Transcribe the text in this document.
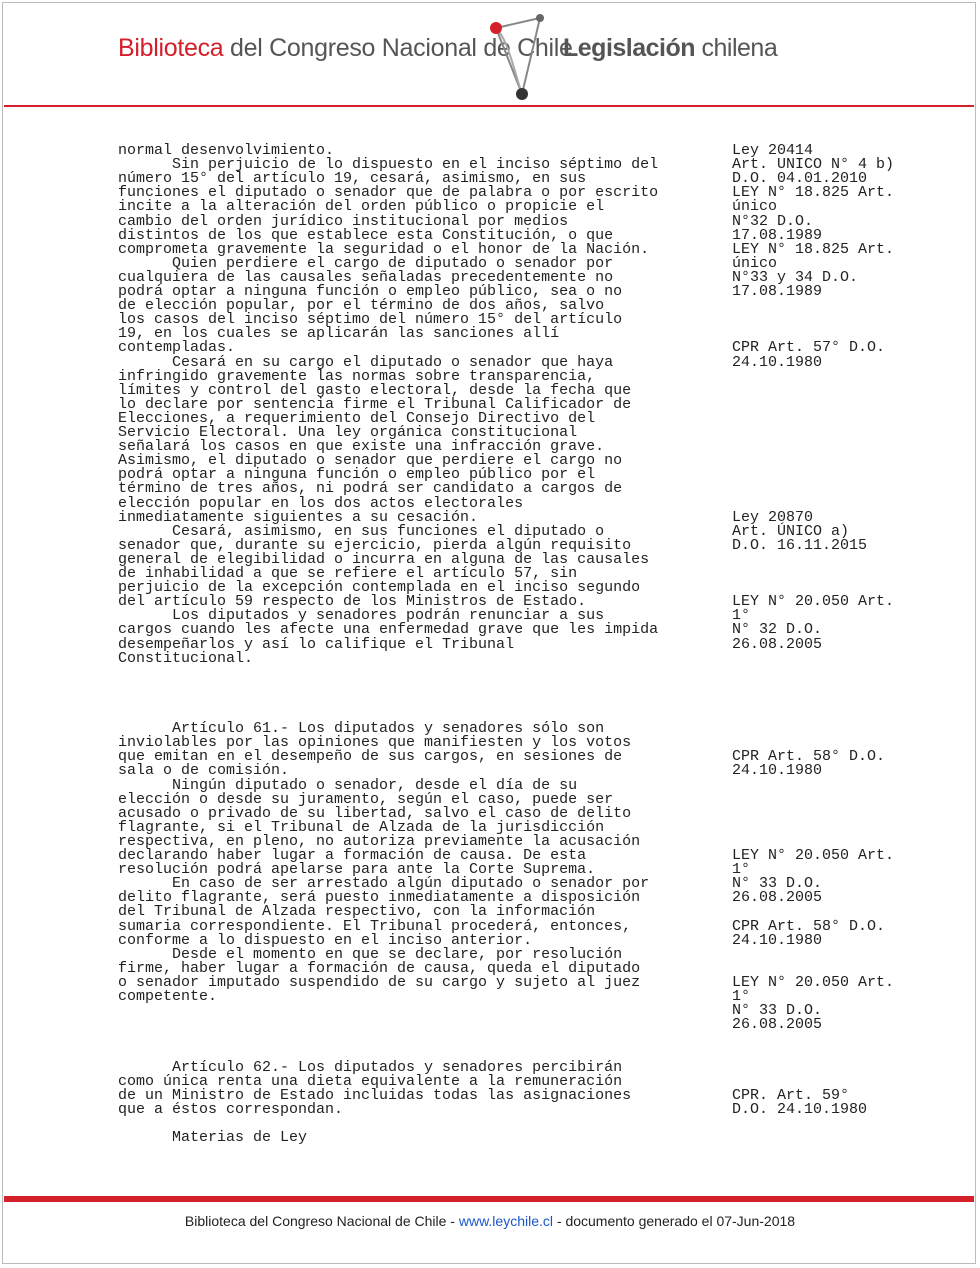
Biblioteca del Congreso Nacional de Chile
Legislación chilena
normal desenvolvimiento.
Sin perjuicio de lo dispuesto en el inciso séptimo del
número 15° del artículo 19, cesará, asimismo, en sus
funciones el diputado o senador que de palabra o por escrito
incite a la alteración del orden público o propicie el
cambio del orden jurídico institucional por medios
distintos de los que establece esta Constitución, o que
comprometa gravemente la seguridad o el honor de la Nación.
Quien perdiere el cargo de diputado o senador por
cualquiera de las causales señaladas precedentemente no
podrá optar a ninguna función o empleo público, sea o no
de elección popular, por el término de dos años, salvo
los casos del inciso séptimo del número 15° del artículo
19, en los cuales se aplicarán las sanciones allí
contempladas.
Cesará en su cargo el diputado o senador que haya
infringido gravemente las normas sobre transparencia,
límites y control del gasto electoral, desde la fecha que
lo declare por sentencia firme el Tribunal Calificador de
Elecciones, a requerimiento del Consejo Directivo del
Servicio Electoral. Una ley orgánica constitucional
señalará los casos en que existe una infracción grave.
Asimismo, el diputado o senador que perdiere el cargo no
podrá optar a ninguna función o empleo público por el
término de tres años, ni podrá ser candidato a cargos de
elección popular en los dos actos electorales
inmediatamente siguientes a su cesación.
Cesará, asimismo, en sus funciones el diputado o
senador que, durante su ejercicio, pierda algún requisito
general de elegibilidad o incurra en alguna de las causales
de inhabilidad a que se refiere el artículo 57, sin
perjuicio de la excepción contemplada en el inciso segundo
del artículo 59 respecto de los Ministros de Estado.
Los diputados y senadores podrán renunciar a sus
cargos cuando les afecte una enfermedad grave que les impida
desempeñarlos y así lo califique el Tribunal
Constitucional.
Artículo 61.- Los diputados y senadores sólo son
inviolables por las opiniones que manifiesten y los votos
que emitan en el desempeño de sus cargos, en sesiones de
sala o de comisión.
Ningún diputado o senador, desde el día de su
elección o desde su juramento, según el caso, puede ser
acusado o privado de su libertad, salvo el caso de delito
flagrante, si el Tribunal de Alzada de la jurisdicción
respectiva, en pleno, no autoriza previamente la acusación
declarando haber lugar a formación de causa. De esta
resolución podrá apelarse para ante la Corte Suprema.
En caso de ser arrestado algún diputado o senador por
delito flagrante, será puesto inmediatamente a disposición
del Tribunal de Alzada respectivo, con la información
sumaria correspondiente. El Tribunal procederá, entonces,
conforme a lo dispuesto en el inciso anterior.
Desde el momento en que se declare, por resolución
firme, haber lugar a formación de causa, queda el diputado
o senador imputado suspendido de su cargo y sujeto al juez
competente.
Artículo 62.- Los diputados y senadores percibirán
como única renta una dieta equivalente a la remuneración
de un Ministro de Estado incluidas todas las asignaciones
que a éstos correspondan.
Materias de Ley
Ley 20414
Art. UNICO N° 4 b)
D.O. 04.01.2010
LEY N° 18.825 Art.
único
N°32 D.O.
17.08.1989
LEY N° 18.825 Art.
único
N°33 y 34 D.O.
17.08.1989
CPR Art. 57° D.O.
24.10.1980
Ley 20870
Art. ÚNICO a)
D.O. 16.11.2015
LEY N° 20.050 Art.
1°
N° 32 D.O.
26.08.2005
CPR Art. 58° D.O.
24.10.1980
LEY N° 20.050 Art.
1°
N° 33 D.O.
26.08.2005
CPR Art. 58° D.O.
24.10.1980
LEY N° 20.050 Art.
1°
N° 33 D.O.
26.08.2005
CPR. Art. 59°
D.O. 24.10.1980
Biblioteca del Congreso Nacional de Chile - www.leychile.cl - documento generado el 07-Jun-2018
